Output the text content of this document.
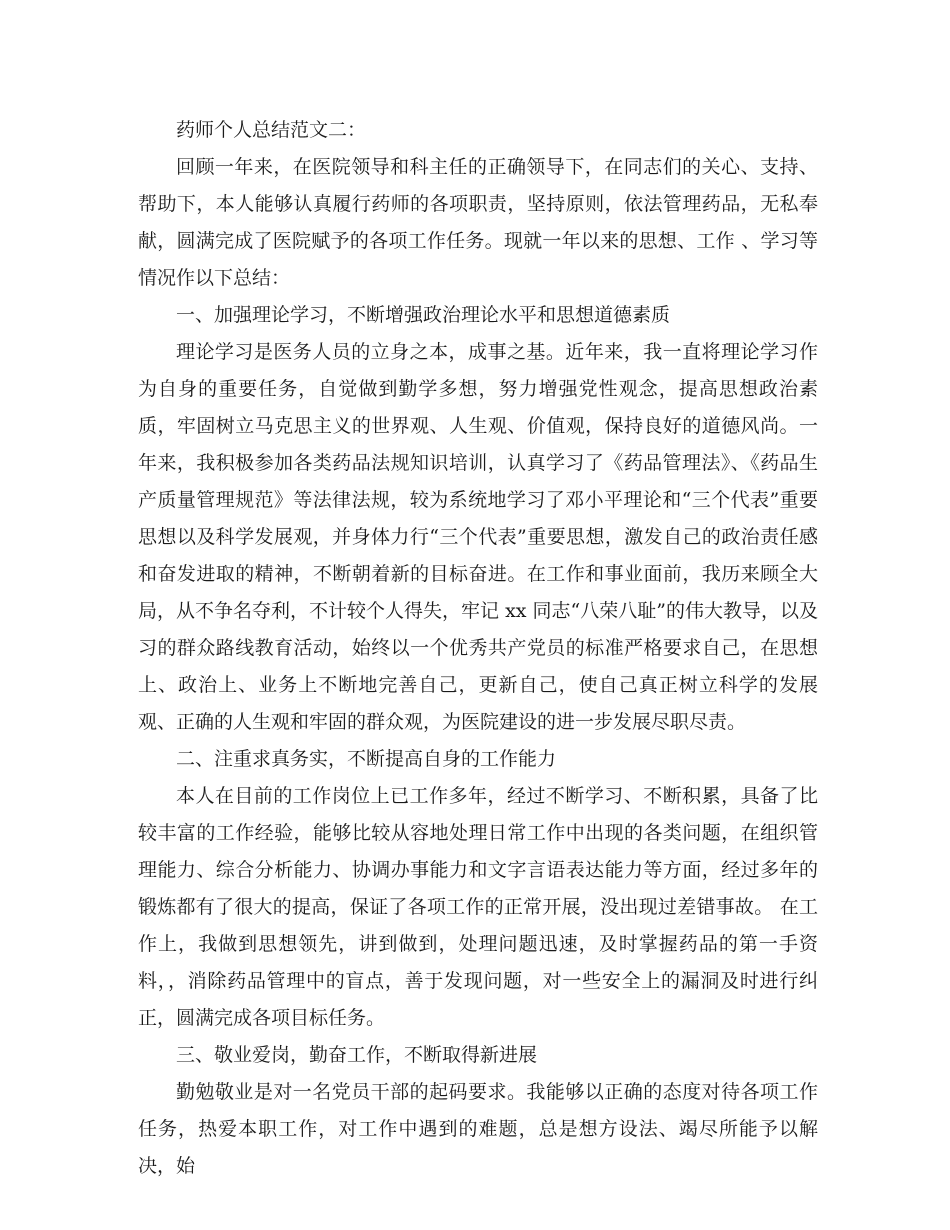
药师个人总结范文二：

回顾一年来，在医院领导和科主任的正确领导下，在同志们的关心、支持、帮助下，本人能够认真履行药师的各项职责，坚持原则，依法管理药品，无私奉献，圆满完成了医院赋予的各项工作任务。现就一年以来的思想、工作 、学习等情况作以下总结：

一、加强理论学习，不断增强政治理论水平和思想道德素质

理论学习是医务人员的立身之本，成事之基。近年来，我一直将理论学习作为自身的重要任务，自觉做到勤学多想，努力增强党性观念，提高思想政治素质，牢固树立马克思主义的世界观、人生观、价值观，保持良好的道德风尚。一年来，我积极参加各类药品法规知识培训，认真学习了《药品管理法》、《药品生产质量管理规范》等法律法规，较为系统地学习了邓小平理论和“三个代表”重要思想以及科学发展观，并身体力行“三个代表”重要思想，激发自己的政治责任感和奋发进取的精神，不断朝着新的目标奋进。在工作和事业面前，我历来顾全大局，从不争名夺利，不计较个人得失，牢记 xx 同志“八荣八耻”的伟大教导，以及习的群众路线教育活动，始终以一个优秀共产党员的标准严格要求自己，在思想上、政治上、业务上不断地完善自己，更新自己，使自己真正树立科学的发展观、正确的人生观和牢固的群众观，为医院建设的进一步发展尽职尽责。

二、注重求真务实，不断提高自身的工作能力

本人在目前的工作岗位上已工作多年，经过不断学习、不断积累，具备了比较丰富的工作经验，能够比较从容地处理日常工作中出现的各类问题，在组织管理能力、综合分析能力、协调办事能力和文字言语表达能力等方面，经过多年的锻炼都有了很大的提高，保证了各项工作的正常开展，没出现过差错事故。 在工作上，我做到思想领先，讲到做到，处理问题迅速，及时掌握药品的第一手资料，，消除药品管理中的盲点，善于发现问题，对一些安全上的漏洞及时进行纠正，圆满完成各项目标任务。

三、敬业爱岗，勤奋工作，不断取得新进展

勤勉敬业是对一名党员干部的起码要求。我能够以正确的态度对待各项工作任务，热爱本职工作，对工作中遇到的难题，总是想方设法、竭尽所能予以解决，始
